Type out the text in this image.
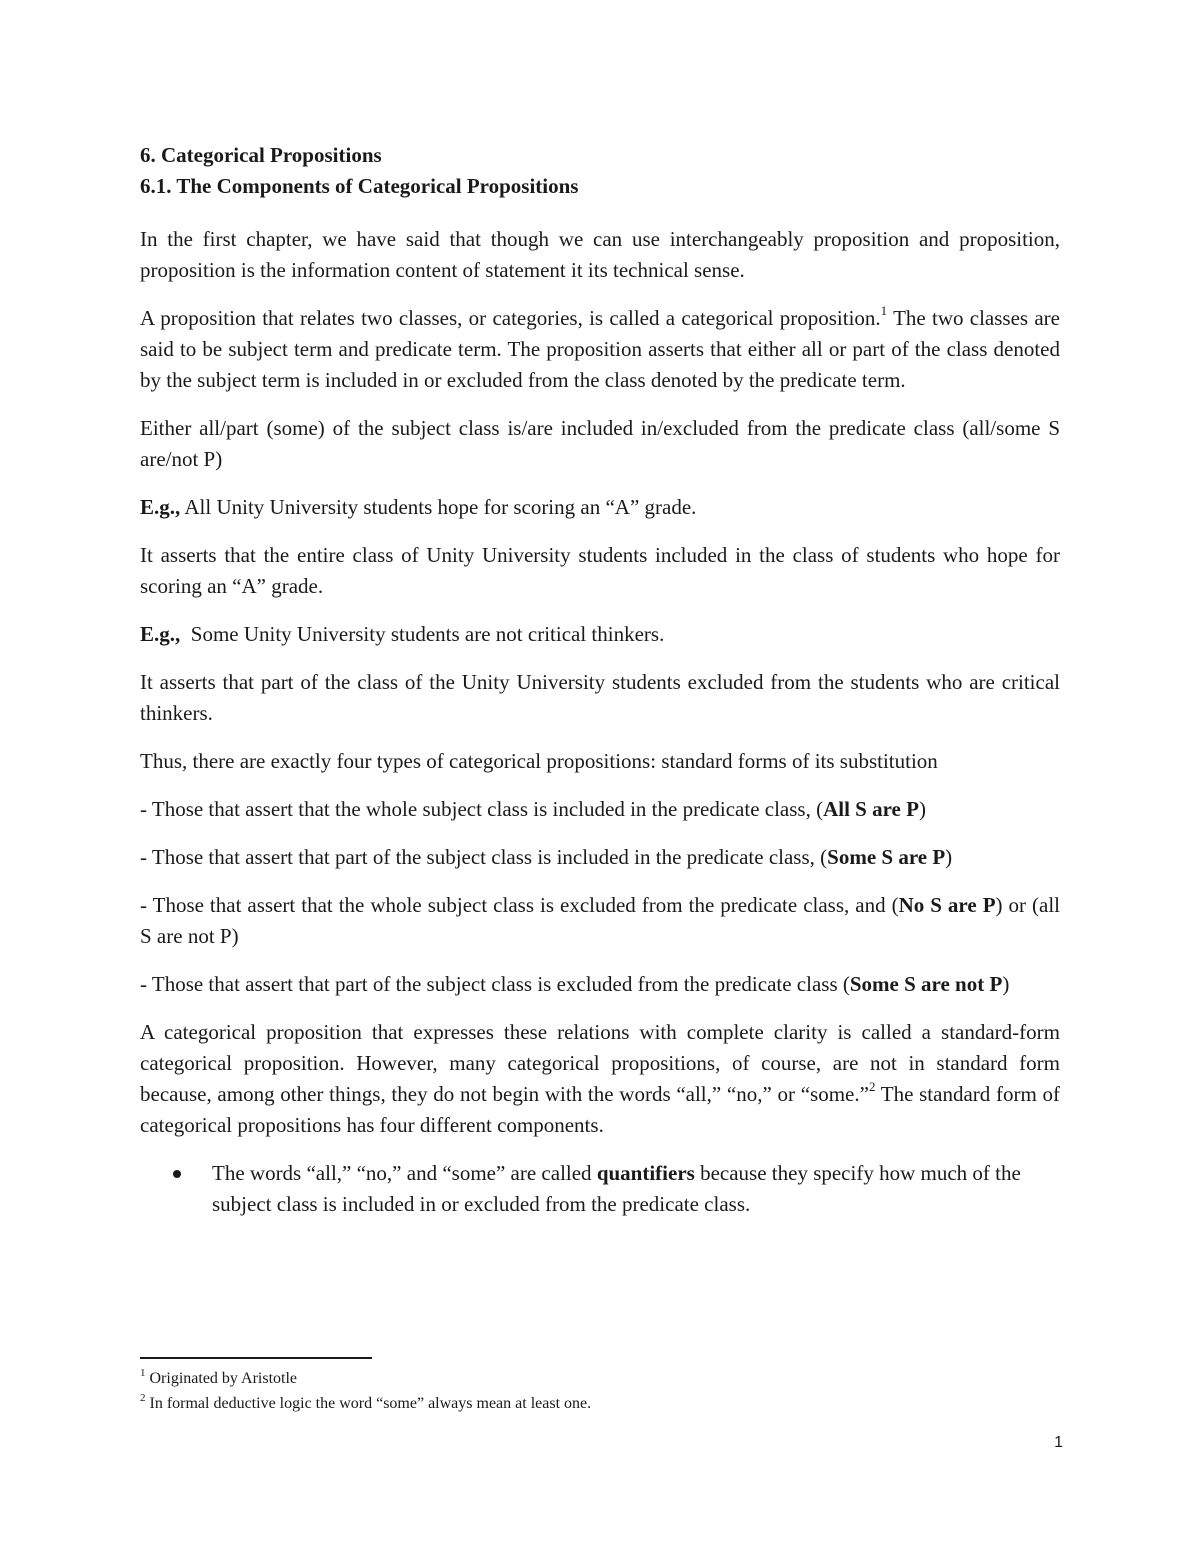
6. Categorical Propositions

6.1. The Components of Categorical Propositions

In the first chapter, we have said that though we can use interchangeably proposition and proposition, proposition is the information content of statement it its technical sense.

A proposition that relates two classes, or categories, is called a categorical proposition.$^1$ The two classes are said to be subject term and predicate term. The proposition asserts that either all or part of the class denoted by the subject term is included in or excluded from the class denoted by the predicate term.

Either all/part (some) of the subject class is/are included in/excluded from the predicate class (all/some S are/not P)

E.g., All Unity University students hope for scoring an “A” grade.

It asserts that the entire class of Unity University students included in the class of students who hope for scoring an “A” grade.

E.g.,  Some Unity University students are not critical thinkers.

It asserts that part of the class of the Unity University students excluded from the students who are critical thinkers.

Thus, there are exactly four types of categorical propositions: standard forms of its substitution

- Those that assert that the whole subject class is included in the predicate class, (All S are P)

- Those that assert that part of the subject class is included in the predicate class, (Some S are P)

- Those that assert that the whole subject class is excluded from the predicate class, and (No S are P) or (all S are not P)

- Those that assert that part of the subject class is excluded from the predicate class (Some S are not P)

A categorical proposition that expresses these relations with complete clarity is called a standard-form categorical proposition. However, many categorical propositions, of course, are not in standard form because, among other things, they do not begin with the words “all,” “no,” or “some.”$^2$ The standard form of categorical propositions has four different components.

The words “all,” “no,” and “some” are called quantifiers because they specify how much of the subject class is included in or excluded from the predicate class.

$^1$ Originated by Aristotle

$^2$ In formal deductive logic the word “some” always mean at least one.

1
